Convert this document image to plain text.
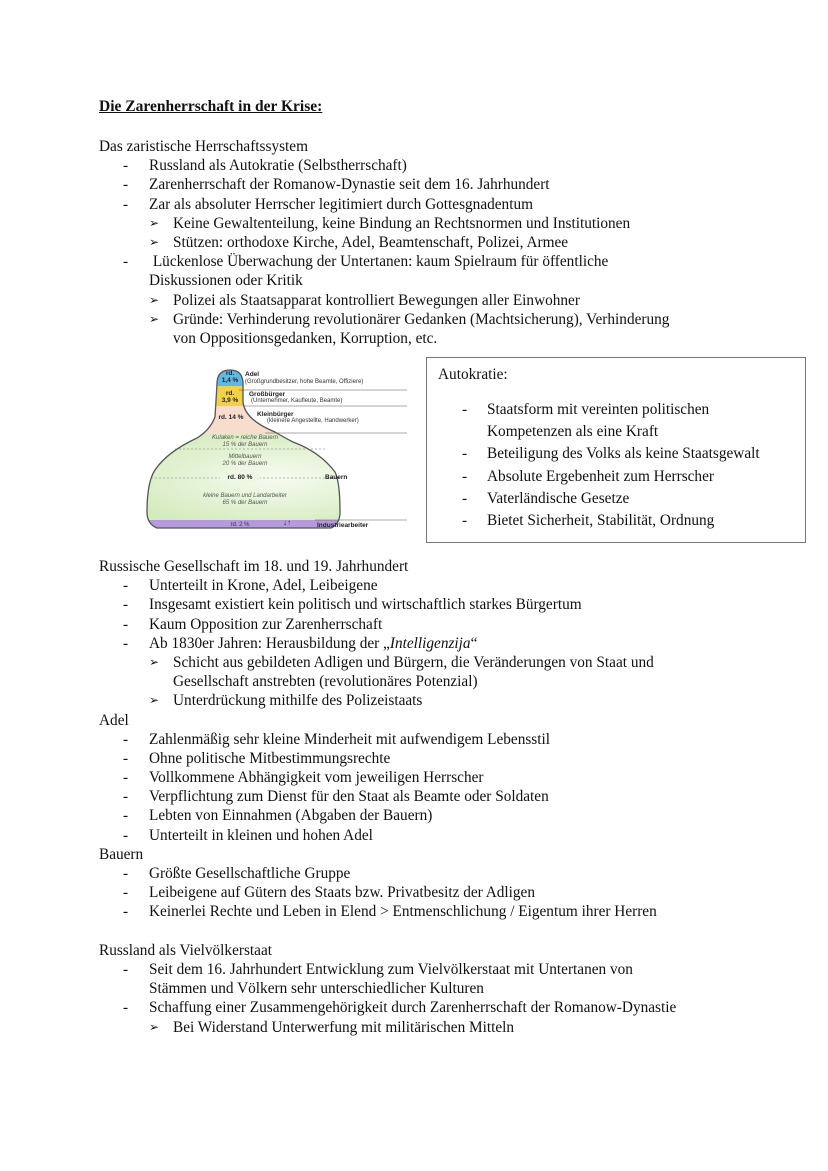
Die Zarenherrschaft in der Krise:
Das zaristische Herrschaftssystem
- Russland als Autokratie (Selbstherrschaft)
- Zarenherrschaft der Romanow-Dynastie seit dem 16. Jahrhundert
- Zar als absoluter Herrscher legitimiert durch Gottesgnadentum
➢ Keine Gewaltenteilung, keine Bindung an Rechtsnormen und Institutionen
➢ Stützen: orthodoxe Kirche, Adel, Beamtenschaft, Polizei, Armee
-  Lückenlose Überwachung der Untertanen: kaum Spielraum für öffentliche
Diskussionen oder Kritik
➢ Polizei als Staatsapparat kontrolliert Bewegungen aller Einwohner
➢ Gründe: Verhinderung revolutionärer Gedanken (Machtsicherung), Verhinderung
von Oppositionsgedanken, Korruption, etc.
rd.
1,4 %
Adel
(Großgrundbesitzer, hohe Beamte, Offiziere)
rd.
3,9 %
Großbürger
(Unternehmer, Kaufleute, Beamte)
rd. 14 %	Kleinbürger
(kleinere Angestellte, Handwerker)
Kulaken = reiche Bauern
15 % der Bauern
Mittelbauern
20 % der Bauern
rd. 80 %	Bauern
kleine Bauern und Landarbeiter
65 % der Bauern
rd. 2 %	↓↑	Industriearbeiter
Autokratie:
- Staatsform mit vereinten politischen
Kompetenzen als eine Kraft
- Beteiligung des Volks als keine Staatsgewalt
- Absolute Ergebenheit zum Herrscher
- Vaterländische Gesetze
- Bietet Sicherheit, Stabilität, Ordnung
Russische Gesellschaft im 18. und 19. Jahrhundert
- Unterteilt in Krone, Adel, Leibeigene
- Insgesamt existiert kein politisch und wirtschaftlich starkes Bürgertum
- Kaum Opposition zur Zarenherrschaft
- Ab 1830er Jahren: Herausbildung der „Intelligenzija“
➢ Schicht aus gebildeten Adligen und Bürgern, die Veränderungen von Staat und
Gesellschaft anstrebten (revolutionäres Potenzial)
➢ Unterdrückung mithilfe des Polizeistaats
Adel
- Zahlenmäßig sehr kleine Minderheit mit aufwendigem Lebensstil
- Ohne politische Mitbestimmungsrechte
- Vollkommene Abhängigkeit vom jeweiligen Herrscher
- Verpflichtung zum Dienst für den Staat als Beamte oder Soldaten
- Lebten von Einnahmen (Abgaben der Bauern)
- Unterteilt in kleinen und hohen Adel
Bauern
- Größte Gesellschaftliche Gruppe
- Leibeigene auf Gütern des Staats bzw. Privatbesitz der Adligen
- Keinerlei Rechte und Leben in Elend > Entmenschlichung / Eigentum ihrer Herren
Russland als Vielvölkerstaat
- Seit dem 16. Jahrhundert Entwicklung zum Vielvölkerstaat mit Untertanen von
Stämmen und Völkern sehr unterschiedlicher Kulturen
- Schaffung einer Zusammengehörigkeit durch Zarenherrschaft der Romanow-Dynastie
➢ Bei Widerstand Unterwerfung mit militärischen Mitteln
